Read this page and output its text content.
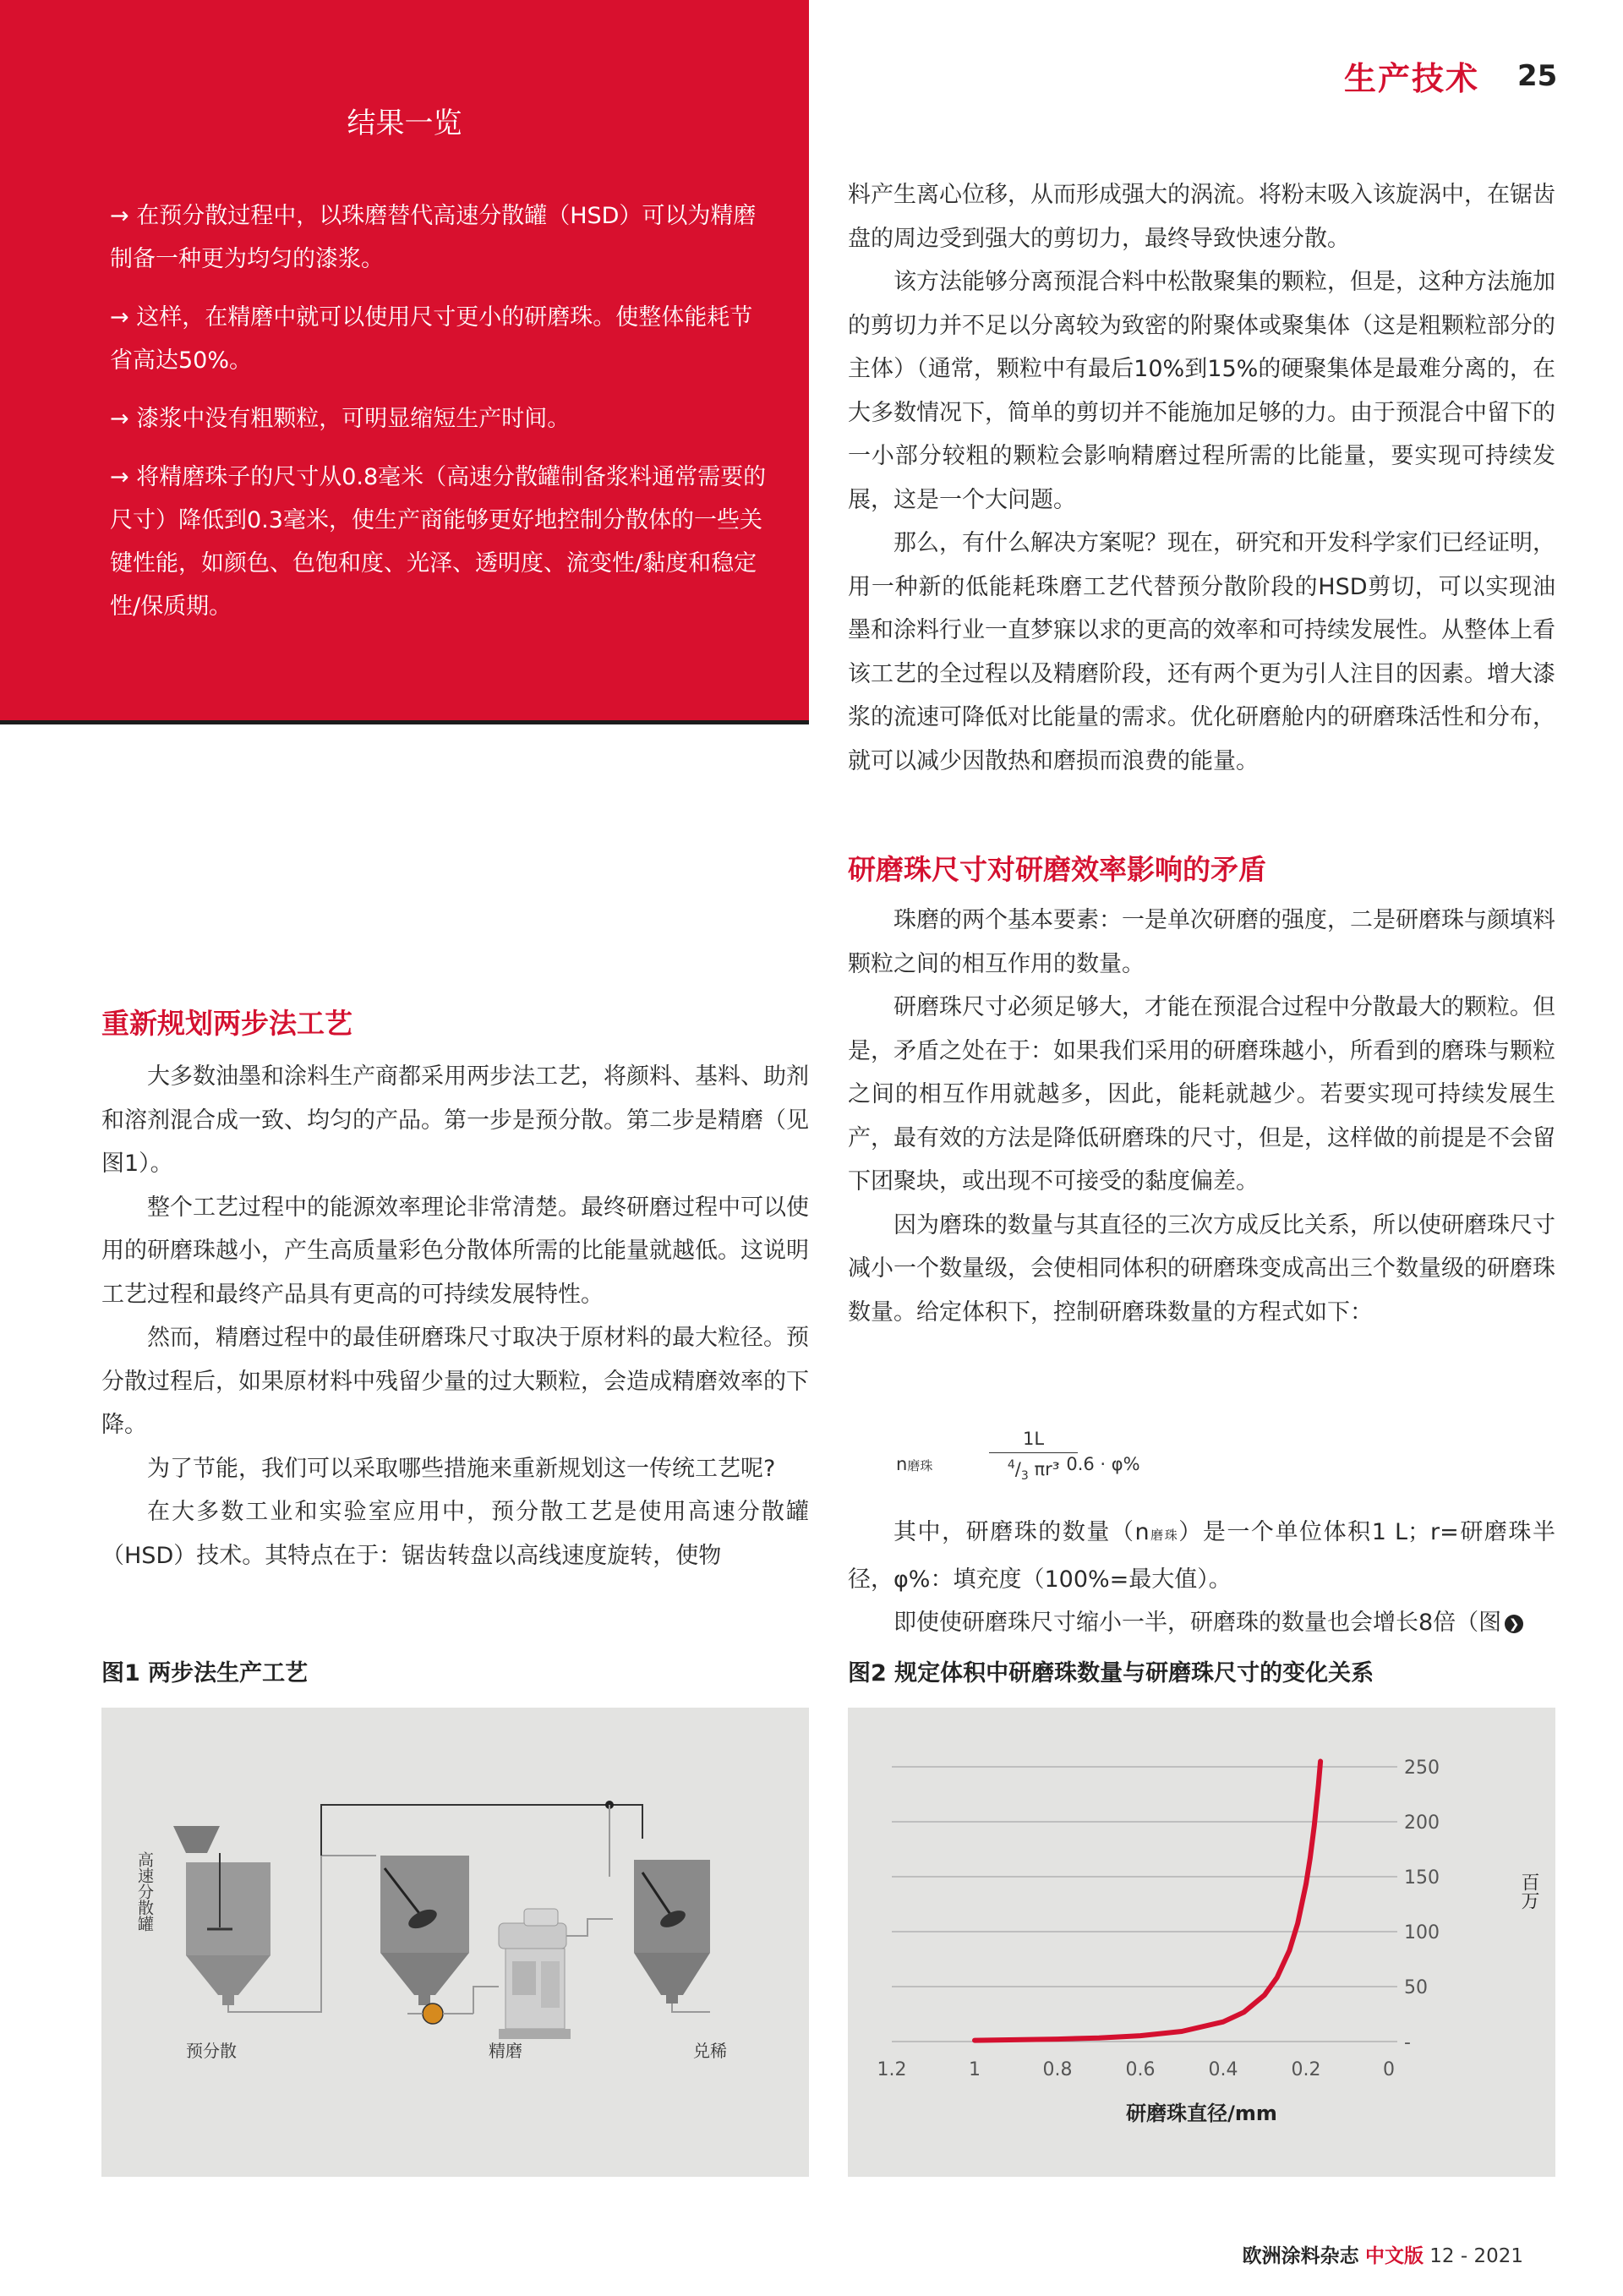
生产技术	25
结果一览
→ 在预分散过程中，以珠磨替代高速分散罐（HSD）可以为精磨制备一种更为均匀的漆浆。
→ 这样，在精磨中就可以使用尺寸更小的研磨珠。使整体能耗节省高达50%。
→ 漆浆中没有粗颗粒，可明显缩短生产时间。
→ 将精磨珠子的尺寸从0.8毫米（高速分散罐制备浆料通常需要的尺寸）降低到0.3毫米，使生产商能够更好地控制分散体的一些关键性能，如颜色、色饱和度、光泽、透明度、流变性/黏度和稳定性/保质期。
重新规划两步法工艺

大多数油墨和涂料生产商都采用两步法工艺，将颜料、基料、助剂和溶剂混合成一致、均匀的产品。第一步是预分散。第二步是精磨（见图1）。

整个工艺过程中的能源效率理论非常清楚。最终研磨过程中可以使用的研磨珠越小，产生高质量彩色分散体所需的比能量就越低。这说明工艺过程和最终产品具有更高的可持续发展特性。

然而，精磨过程中的最佳研磨珠尺寸取决于原材料的最大粒径。预分散过程后，如果原材料中残留少量的过大颗粒，会造成精磨效率的下降。

为了节能，我们可以采取哪些措施来重新规划这一传统工艺呢?

在大多数工业和实验室应用中，预分散工艺是使用高速分散罐（HSD）技术。其特点在于：锯齿转盘以高线速度旋转，使物

料产生离心位移，从而形成强大的涡流。将粉末吸入该旋涡中，在锯齿盘的周边受到强大的剪切力，最终导致快速分散。

该方法能够分离预混合料中松散聚集的颗粒，但是，这种方法施加的剪切力并不足以分离较为致密的附聚体或聚集体（这是粗颗粒部分的主体）（通常，颗粒中有最后10%到15%的硬聚集体是最难分离的，在大多数情况下，简单的剪切并不能施加足够的力。由于预混合中留下的一小部分较粗的颗粒会影响精磨过程所需的比能量，要实现可持续发展，这是一个大问题。

那么，有什么解决方案呢？现在，研究和开发科学家们已经证明，用一种新的低能耗珠磨工艺代替预分散阶段的HSD剪切，可以实现油墨和涂料行业一直梦寐以求的更高的效率和可持续发展性。从整体上看该工艺的全过程以及精磨阶段，还有两个更为引人注目的因素。增大漆浆的流速可降低对比能量的需求。优化研磨舱内的研磨珠活性和分布，就可以减少因散热和磨损而浪费的能量。

研磨珠尺寸对研磨效率影响的矛盾

珠磨的两个基本要素：一是单次研磨的强度，二是研磨珠与颜填料颗粒之间的相互作用的数量。

研磨珠尺寸必须足够大，才能在预混合过程中分散最大的颗粒。但是，矛盾之处在于：如果我们采用的研磨珠越小，所看到的磨珠与颗粒之间的相互作用就越多，因此，能耗就越少。若要实现可持续发展生产，最有效的方法是降低研磨珠的尺寸，但是，这样做的前提是不会留下团聚块，或出现不可接受的黏度偏差。

因为磨珠的数量与其直径的三次方成反比关系，所以使研磨珠尺寸减小一个数量级，会使相同体积的研磨珠变成高出三个数量级的研磨珠数量。给定体积下，控制研磨珠数量的方程式如下：

n磨珠	$\frac{1L}{^4/_3 \pi r^3}$
· 0.6 · φ%

其中，研磨珠的数量（n磨珠）是一个单位体积1 L；r=研磨珠半径，φ%：填充度（100%=最大值）。

即使使研磨珠尺寸缩小一半，研磨珠的数量也会增长8倍（图 ❯

图1 两步法生产工艺
高速分散罐
预分散	精磨	兑稀
图2 规定体积中研磨珠数量与研磨珠尺寸的变化关系
-
50
100
150
200
250
1.2	1	0.8	0.6	0.4	0.2	0
百万
研磨珠直径/mm
欧洲涂料杂志 中文版 12 - 2021
